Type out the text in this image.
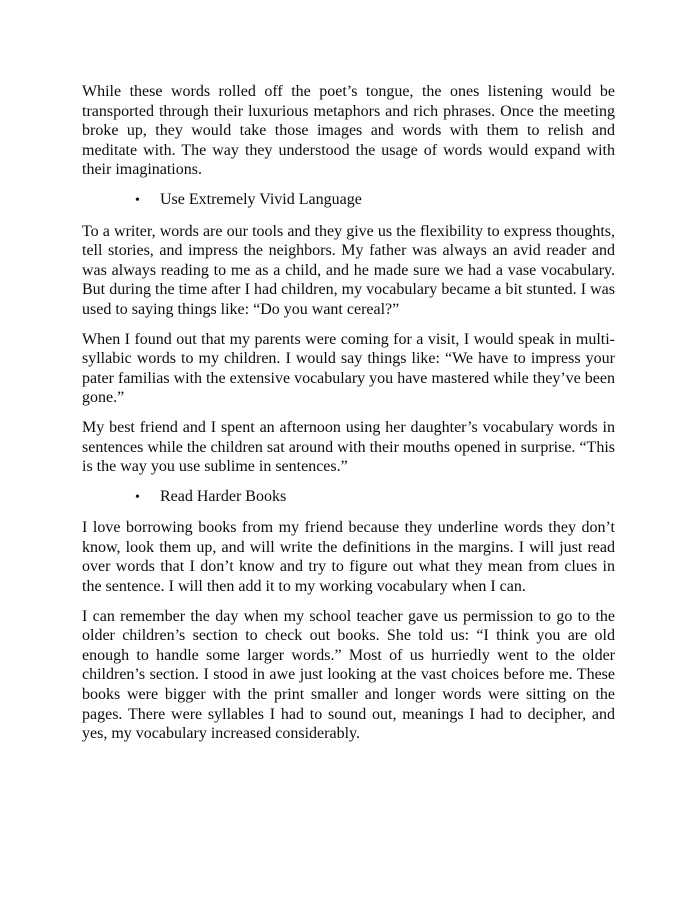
While these words rolled off the poet’s tongue, the ones listening would be transported through their luxurious metaphors and rich phrases. Once the meeting broke up, they would take those images and words with them to relish and meditate with. The way they understood the usage of words would expand with their imaginations.

•	Use Extremely Vivid Language

To a writer, words are our tools and they give us the flexibility to express thoughts, tell stories, and impress the neighbors. My father was always an avid reader and was always reading to me as a child, and he made sure we had a vase vocabulary. But during the time after I had children, my vocabulary became a bit stunted. I was used to saying things like: “Do you want cereal?”

When I found out that my parents were coming for a visit, I would speak in multi-syllabic words to my children. I would say things like: “We have to impress your pater familias with the extensive vocabulary you have mastered while they’ve been gone.”

My best friend and I spent an afternoon using her daughter’s vocabulary words in sentences while the children sat around with their mouths opened in surprise. “This is the way you use sublime in sentences.”

•	Read Harder Books

I love borrowing books from my friend because they underline words they don’t know, look them up, and will write the definitions in the margins. I will just read over words that I don’t know and try to figure out what they mean from clues in the sentence. I will then add it to my working vocabulary when I can.

I can remember the day when my school teacher gave us permission to go to the older children’s section to check out books. She told us: “I think you are old enough to handle some larger words.” Most of us hurriedly went to the older children’s section. I stood in awe just looking at the vast choices before me. These books were bigger with the print smaller and longer words were sitting on the pages. There were syllables I had to sound out, meanings I had to decipher, and yes, my vocabulary increased considerably.
